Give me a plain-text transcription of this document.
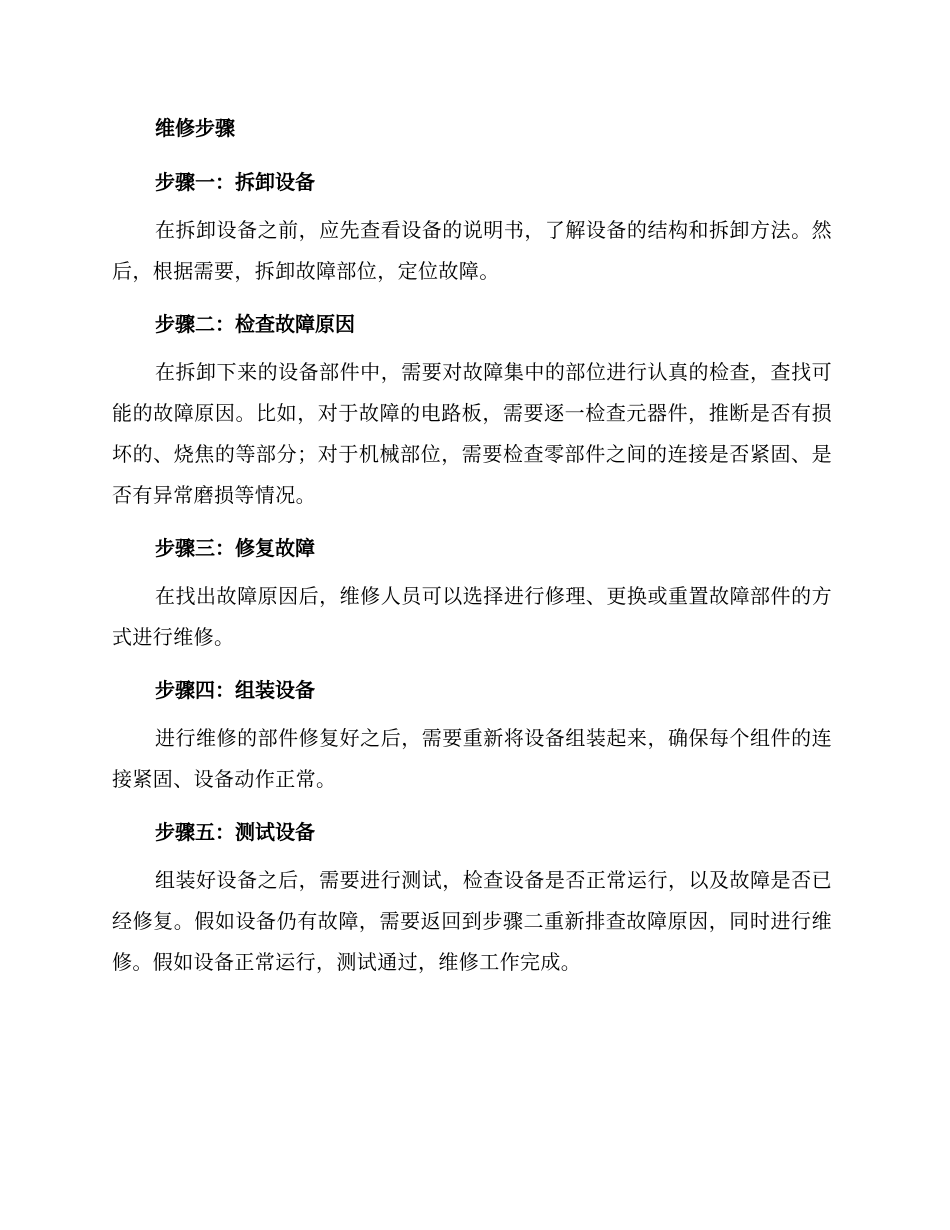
维修步骤
步骤一：拆卸设备

在拆卸设备之前，应先查看设备的说明书，了解设备的结构和拆卸方法。然后，根据需要，拆卸故障部位，定位故障。

步骤二：检查故障原因

在拆卸下来的设备部件中，需要对故障集中的部位进行认真的检查，查找可能的故障原因。比如，对于故障的电路板，需要逐一检查元器件，推断是否有损坏的、烧焦的等部分；对于机械部位，需要检查零部件之间的连接是否紧固、是否有异常磨损等情况。

步骤三：修复故障

在找出故障原因后，维修人员可以选择进行修理、更换或重置故障部件的方式进行维修。

步骤四：组装设备

进行维修的部件修复好之后，需要重新将设备组装起来，确保每个组件的连接紧固、设备动作正常。

步骤五：测试设备

组装好设备之后，需要进行测试，检查设备是否正常运行，以及故障是否已经修复。假如设备仍有故障，需要返回到步骤二重新排查故障原因，同时进行维修。假如设备正常运行，测试通过，维修工作完成。
